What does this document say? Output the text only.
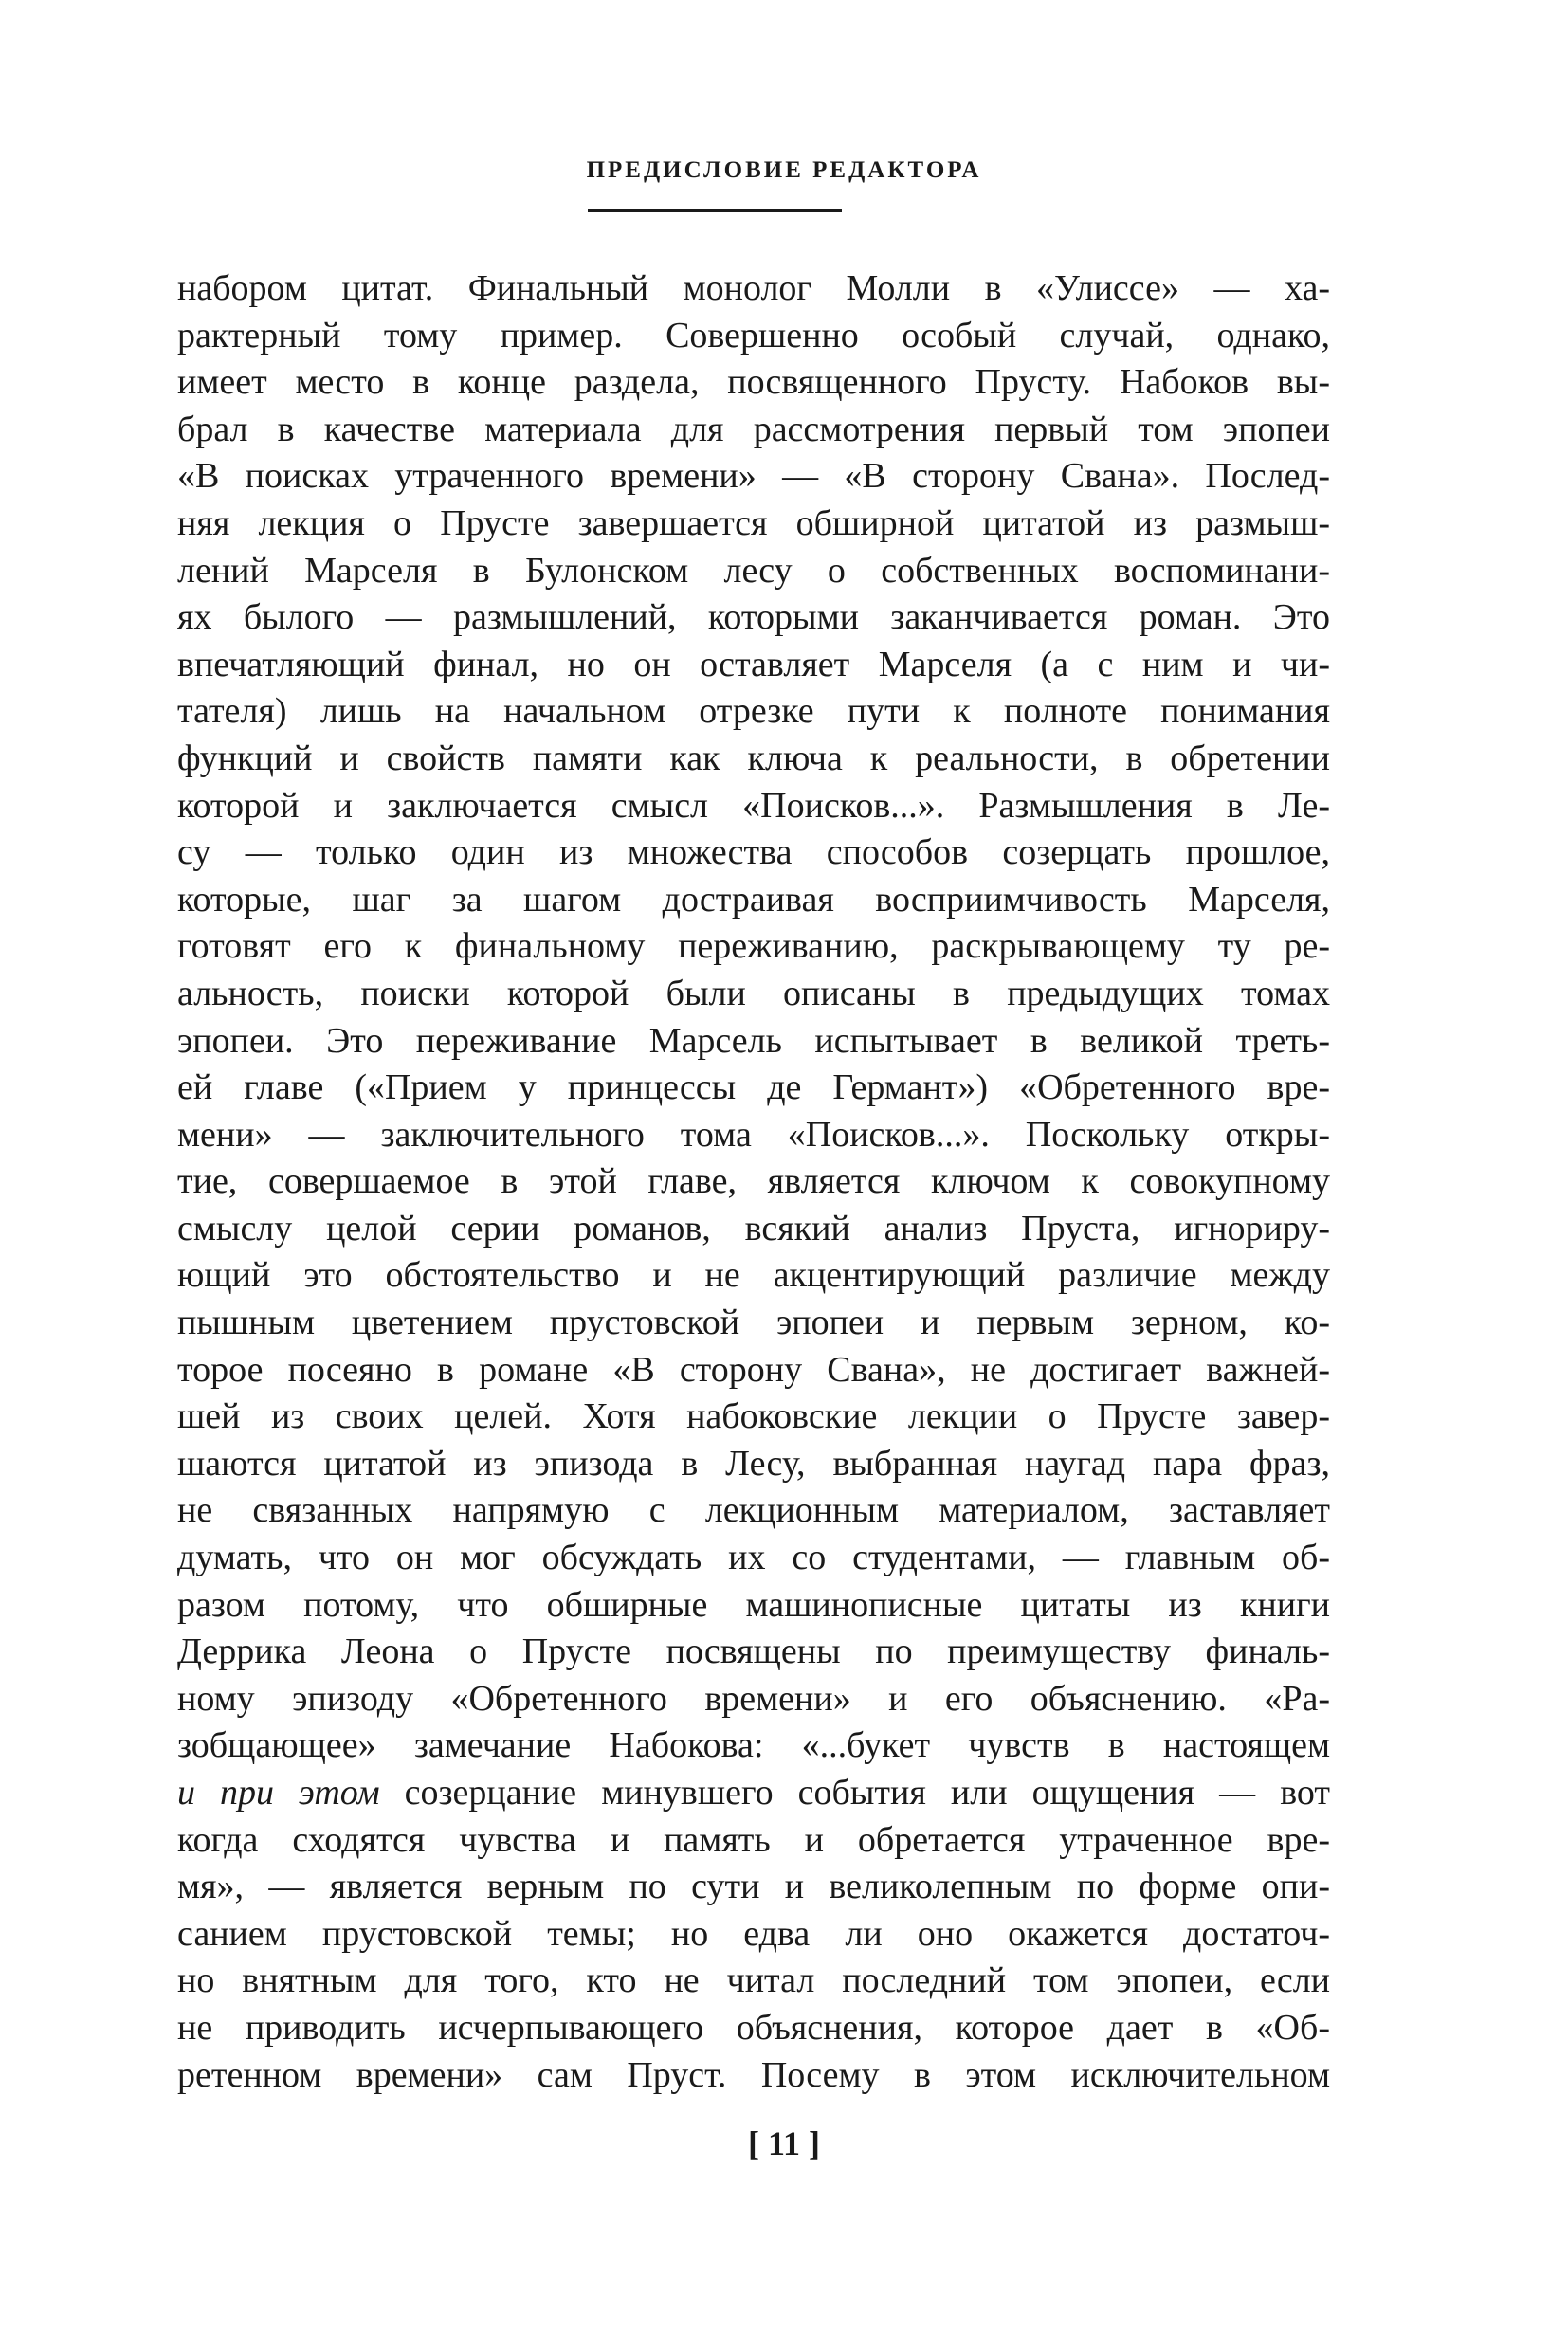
ПРЕДИСЛОВИЕ РЕДАКТОРА
набором цитат. Финальный монолог Молли в «Улиссе» — ха-
рактерный тому пример. Совершенно особый случай, однако,
имеет место в конце раздела, посвященного Прусту. Набоков вы-
брал в качестве материала для рассмотрения первый том эпопеи
«В поисках утраченного времени» — «В сторону Свана». Послед-
няя лекция о Прусте завершается обширной цитатой из размыш-
лений Марселя в Булонском лесу о собственных воспоминани-
ях былого — размышлений, которыми заканчивается роман. Это
впечатляющий финал, но он оставляет Марселя (а с ним и чи-
тателя) лишь на начальном отрезке пути к полноте понимания
функций и свойств памяти как ключа к реальности, в обретении
которой и заключается смысл «Поисков...». Размышления в Ле-
су — только один из множества способов созерцать прошлое,
которые, шаг за шагом достраивая восприимчивость Марселя,
готовят его к финальному переживанию, раскрывающему ту ре-
альность, поиски которой были описаны в предыдущих томах
эпопеи. Это переживание Марсель испытывает в великой треть-
ей главе («Прием у принцессы де Германт») «Обретенного вре-
мени» — заключительного тома «Поисков...». Поскольку откры-
тие, совершаемое в этой главе, является ключом к совокупному
смыслу целой серии романов, всякий анализ Пруста, игнориру-
ющий это обстоятельство и не акцентирующий различие между
пышным цветением прустовской эпопеи и первым зерном, ко-
торое посеяно в романе «В сторону Свана», не достигает важней-
шей из своих целей. Хотя набоковские лекции о Прусте завер-
шаются цитатой из эпизода в Лесу, выбранная наугад пара фраз,
не связанных напрямую с лекционным материалом, заставляет
думать, что он мог обсуждать их со студентами, — главным об-
разом потому, что обширные машинописные цитаты из книги
Деррика Леона о Прусте посвящены по преимуществу финаль-
ному эпизоду «Обретенного времени» и его объяснению. «Ра-
зобщающее» замечание Набокова: «...букет чувств в настоящем
и при этом созерцание минувшего события или ощущения — вот
когда сходятся чувства и память и обретается утраченное вре-
мя», — является верным по сути и великолепным по форме опи-
санием прустовской темы; но едва ли оно окажется достаточ-
но внятным для того, кто не читал последний том эпопеи, если
не приводить исчерпывающего объяснения, которое дает в «Об-
ретенном времени» сам Пруст. Посему в этом исключительном
[ 11 ]
